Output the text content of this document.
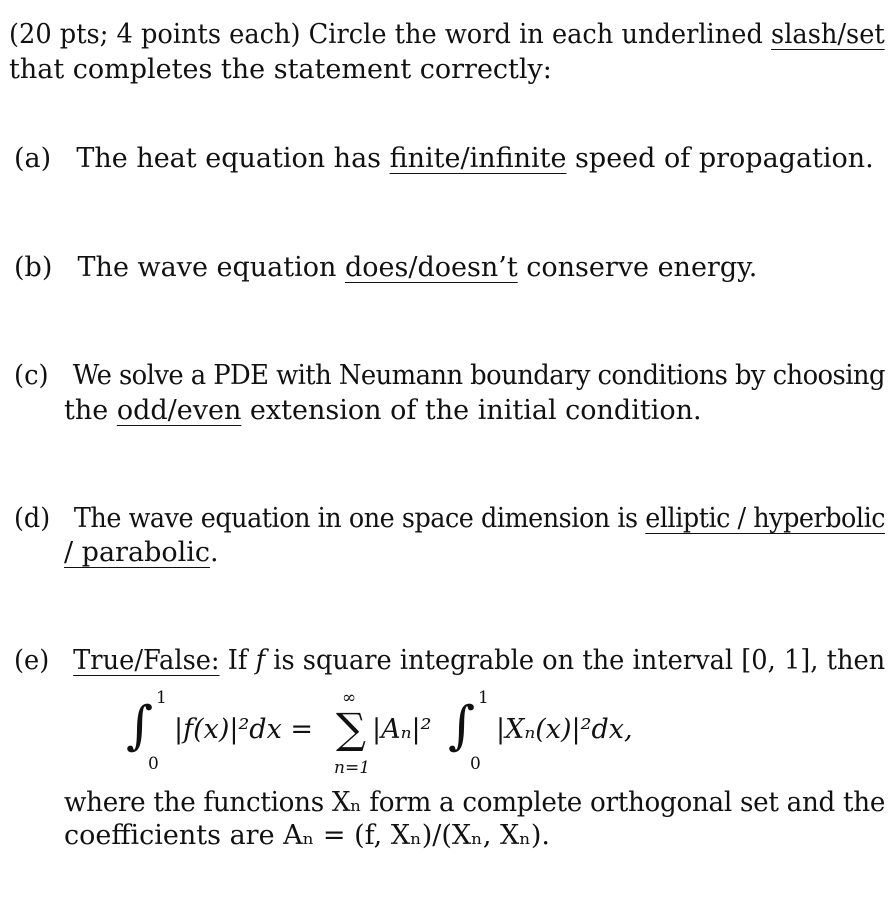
(20 pts; 4 points each) Circle the word in each underlined slash/set
that completes the statement correctly:
(a) The heat equation has finite/infinite speed of propagation.
(b) The wave equation does/doesn’t conserve energy.
(c) We solve a PDE with Neumann boundary conditions by choosing
the odd/even extension of the initial condition.
(d) The wave equation in one space dimension is elliptic / hyperbolic
/ parabolic.
(e) True/False: If f is square integrable on the interval [0, 1], then
∫ 1
0
|f(x)|²dx = ∑
∞
n=1
|Aₙ|² ∫ 1
0
|Xₙ(x)|²dx,
where the functions Xₙ form a complete orthogonal set and the
coefficients are Aₙ = (f, Xₙ)/(Xₙ, Xₙ).
